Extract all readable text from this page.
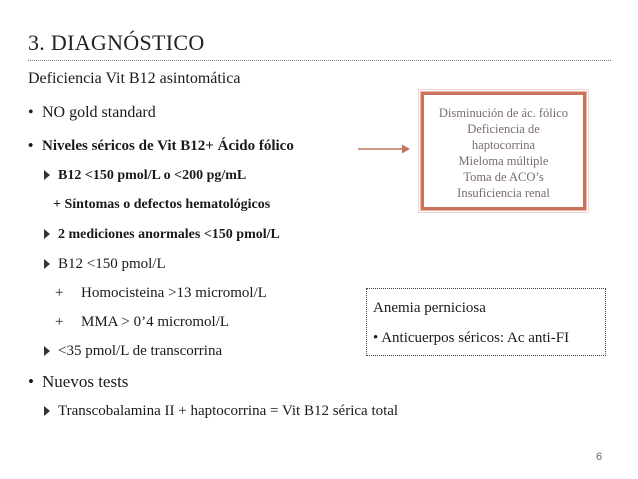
3. DIAGNÓSTICO
Deficiencia Vit B12 asintomática
• NO gold standard
• Niveles séricos de Vit B12+ Ácido fólico
B12 <150 pmol/L o <200 pg/mL
+ Síntomas o defectos hematológicos
2 mediciones anormales <150 pmol/L
B12 <150 pmol/L
+ Homocisteina >13 micromol/L
+ MMA > 0’4 micromol/L
<35 pmol/L de transcorrina
• Nuevos tests
Transcobalamina II + haptocorrina = Vit B12 sérica total
Disminución de ác. fólico
Deficiencia de
haptocorrina
Mieloma múltiple
Toma de ACO’s
Insuficiencia renal
Anemia perniciosa
• Anticuerpos séricos: Ac anti-FI
6
